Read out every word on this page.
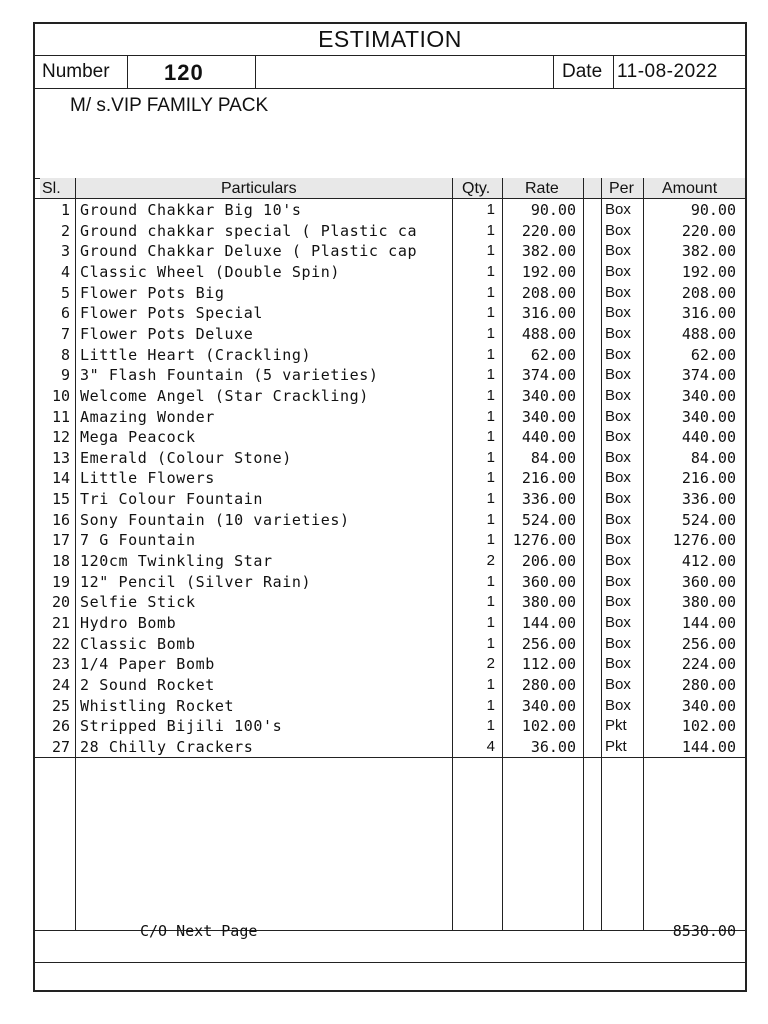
ESTIMATION
Number 120	Date 11-08-2022
M/ s.VIP FAMILY PACK
Sl.	Particulars	Qty. Rate	Per Amount
1 Ground Chakkar Big 10's	1 90.00 Box	90.00
2 Ground chakkar special ( Plastic ca	1 220.00 Box	220.00
3 Ground Chakkar Deluxe ( Plastic cap	1 382.00 Box	382.00
4 Classic Wheel (Double Spin)	1 192.00 Box	192.00
5 Flower Pots Big	1 208.00 Box	208.00
6 Flower Pots Special	1 316.00 Box	316.00
7 Flower Pots Deluxe	1 488.00 Box	488.00
8 Little Heart (Crackling)	1 62.00 Box	62.00
9 3" Flash Fountain (5 varieties)	1 374.00 Box	374.00
10 Welcome Angel (Star Crackling)	1 340.00 Box	340.00
11 Amazing Wonder	1 340.00 Box	340.00
12 Mega Peacock	1 440.00 Box	440.00
13 Emerald (Colour Stone)	1 84.00 Box	84.00
14 Little Flowers	1 216.00 Box	216.00
15 Tri Colour Fountain	1 336.00 Box	336.00
16 Sony Fountain (10 varieties)	1 524.00 Box	524.00
17 7 G Fountain	1 1276.00 Box	1276.00
18 120cm Twinkling Star	2 206.00 Box	412.00
19 12" Pencil (Silver Rain)	1 360.00 Box	360.00
20 Selfie Stick	1 380.00 Box	380.00
21 Hydro Bomb	1 144.00 Box	144.00
22 Classic Bomb	1 256.00 Box	256.00
23 1/4 Paper Bomb	2 112.00 Box	224.00
24 2 Sound Rocket	1 280.00 Box	280.00
25 Whistling Rocket	1 340.00 Box	340.00
26 Stripped Bijili 100's	1 102.00 Pkt	102.00
27 28 Chilly Crackers	4 36.00 Pkt	144.00
C/O Next Page	8530.00
